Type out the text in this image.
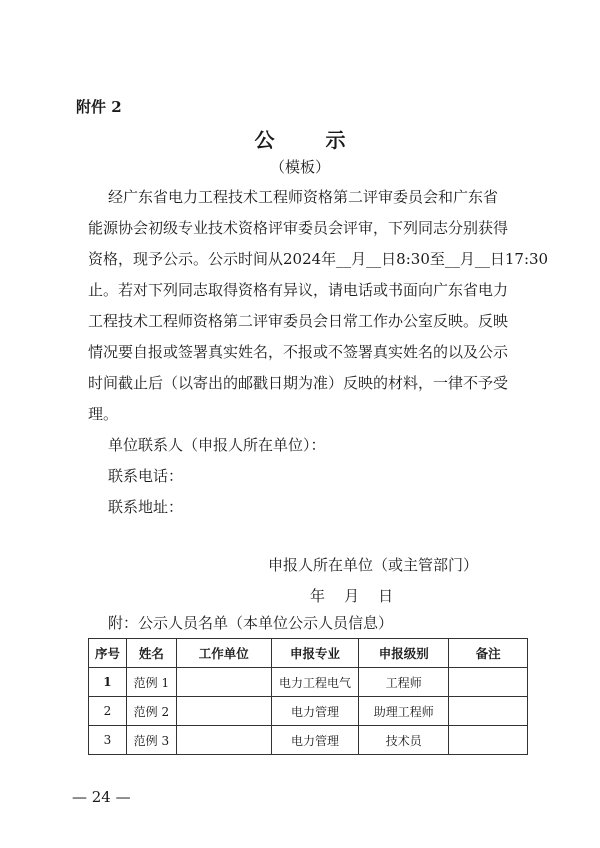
附件 2
公 示
（模板）
经广东省电力工程技术工程师资格第二评审委员会和广东省
能源协会初级专业技术资格评审委员会评审，下列同志分别获得
资格，现予公示。公示时间从2024年__月__日8:30至__月__日17:30
止。若对下列同志取得资格有异议，请电话或书面向广东省电力
工程技术工程师资格第二评审委员会日常工作办公室反映。反映
情况要自报或签署真实姓名，不报或不签署真实姓名的以及公示
时间截止后（以寄出的邮戳日期为准）反映的材料，一律不予受
理。
单位联系人（申报人所在单位）：
联系电话：
联系地址：
申报人所在单位（或主管部门）
年    月    日
附：公示人员名单（本单位公示人员信息）
序号	姓名	工作单位	申报专业	申报级别	备注
1	范例 1		电力工程电气	工程师	
2	范例 2		电力管理	助理工程师	
3	范例 3		电力管理	技术员	
— 24 —
